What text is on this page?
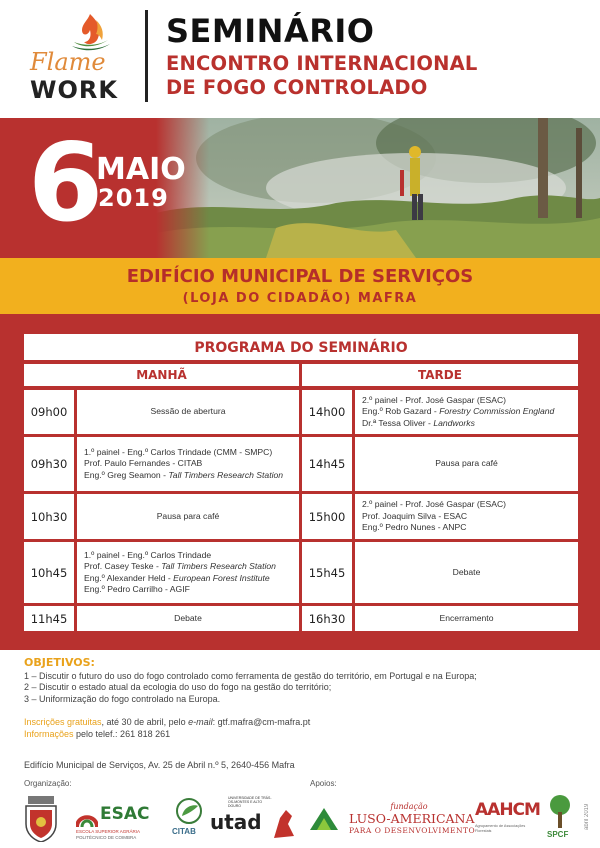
Flame
WORK
SEMINÁRIO
ENCONTRO INTERNACIONAL
DE FOGO CONTROLADO
6
MAIO
2019
EDIFÍCIO MUNICIPAL DE SERVIÇOS
(LOJA DO CIDADÃO) MAFRA
PROGRAMA DO SEMINÁRIO
MANHÃ	TARDE
09h00	Sessão de abertura
09h30
1.º painel - Eng.º Carlos Trindade (CMM - SMPC)
Prof. Paulo Fernandes - CITAB
Eng.º Greg Seamon - Tall Timbers Research Station
10h30	Pausa para café
10h45
1.º painel - Eng.º Carlos Trindade
Prof. Casey Teske - Tall Timbers Research Station
Eng.º Alexander Held - European Forest Institute
Eng.º Pedro Carrilho - AGIF
11h45	Debate
14h00
2.º painel - Prof. José Gaspar (ESAC)
Eng.º Rob Gazard - Forestry Commission England
Dr.ª Tessa Oliver - Landworks
14h45	Pausa para café
15h00
2.º painel - Prof. José Gaspar (ESAC)
Prof. Joaquim Silva - ESAC
Eng.º Pedro Nunes - ANPC
15h45	Debate
16h30	Encerramento
OBJETIVOS:
1 – Discutir o futuro do uso do fogo controlado como ferramenta de gestão do território, em Portugal e na Europa;
2 – Discutir o estado atual da ecologia do uso do fogo na gestão do território;
3 – Uniformização do fogo controlado na Europa.
Inscrições gratuitas, até 30 de abril, pelo e-mail: gtf.mafra@cm-mafra.pt
Informações pelo telef.: 261 818 261
Edifício Municipal de Serviços, Av. 25 de Abril n.º 5, 2640-456 Mafra
Organização:	Apoios:
ESAC
ESCOLA SUPERIOR AGRÁRIA
POLITÉCNICO DE COIMBRA
CITAB
UNIVERSIDADE DE TRÁS-OS-MONTES E ALTO DOURO
utad
fundação
LUSO-AMERICANA
PARA O DESENVOLVIMENTO
AAHCM
Agrupamento de Associações Florestais	SPCF
abril 2019
